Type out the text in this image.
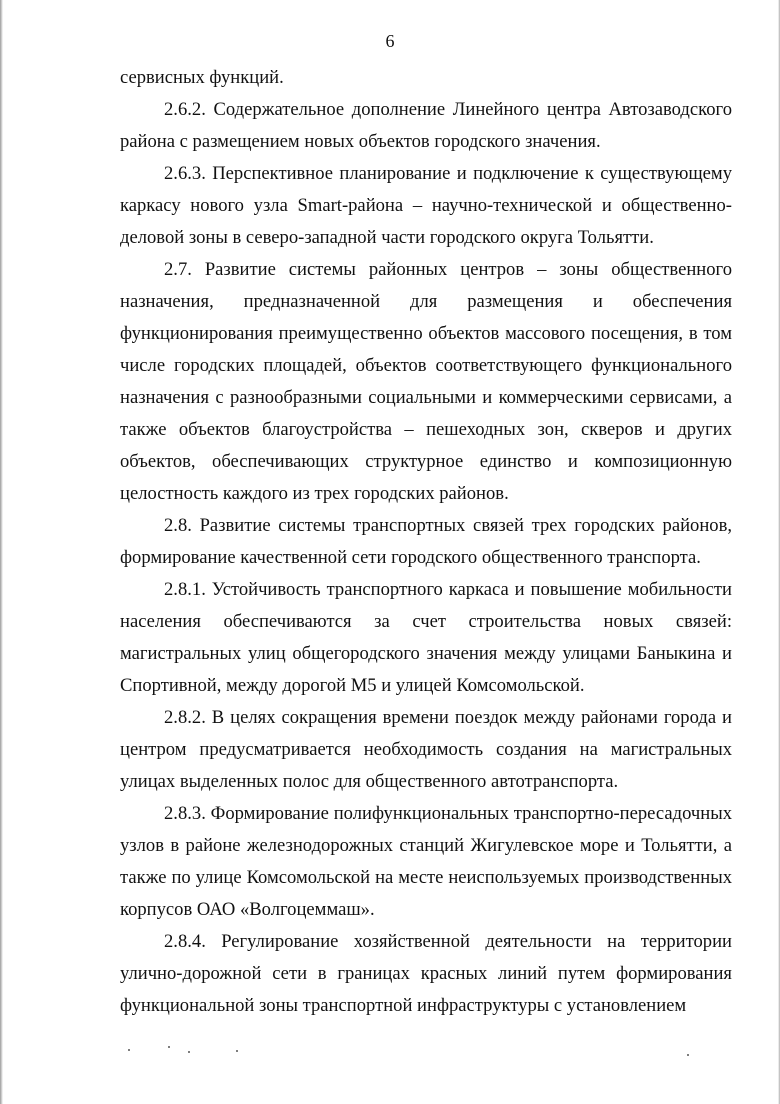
6

сервисных функций.

2.6.2. Содержательное дополнение Линейного центра Автозаводского района с размещением новых объектов городского значения.

2.6.3. Перспективное планирование и подключение к существующему каркасу нового узла Smart-района – научно-технической и общественно-деловой зоны в северо-западной части городского округа Тольятти.

2.7. Развитие системы районных центров – зоны общественного назначения, предназначенной для размещения и обеспечения функционирования преимущественно объектов массового посещения, в том числе городских площадей, объектов соответствующего функционального назначения с разнообразными социальными и коммерческими сервисами, а также объектов благоустройства – пешеходных зон, скверов и других объектов, обеспечивающих структурное единство и композиционную целостность каждого из трех городских районов.

2.8. Развитие системы транспортных связей трех городских районов, формирование качественной сети городского общественного транспорта.

2.8.1. Устойчивость транспортного каркаса и повышение мобильности населения обеспечиваются за счет строительства новых связей: магистральных улиц общегородского значения между улицами Баныкина и Спортивной, между дорогой М5 и улицей Комсомольской.

2.8.2. В целях сокращения времени поездок между районами города и центром предусматривается необходимость создания на магистральных улицах выделенных полос для общественного автотранспорта.

2.8.3. Формирование полифункциональных транспортно-пересадочных узлов в районе железнодорожных станций Жигулевское море и Тольятти, а также по улице Комсомольской на месте неиспользуемых производственных корпусов ОАО «Волгоцеммаш».

2.8.4. Регулирование хозяйственной деятельности на территории улично-дорожной сети в границах красных линий путем формирования функциональной зоны транспортной инфраструктуры с установлением
